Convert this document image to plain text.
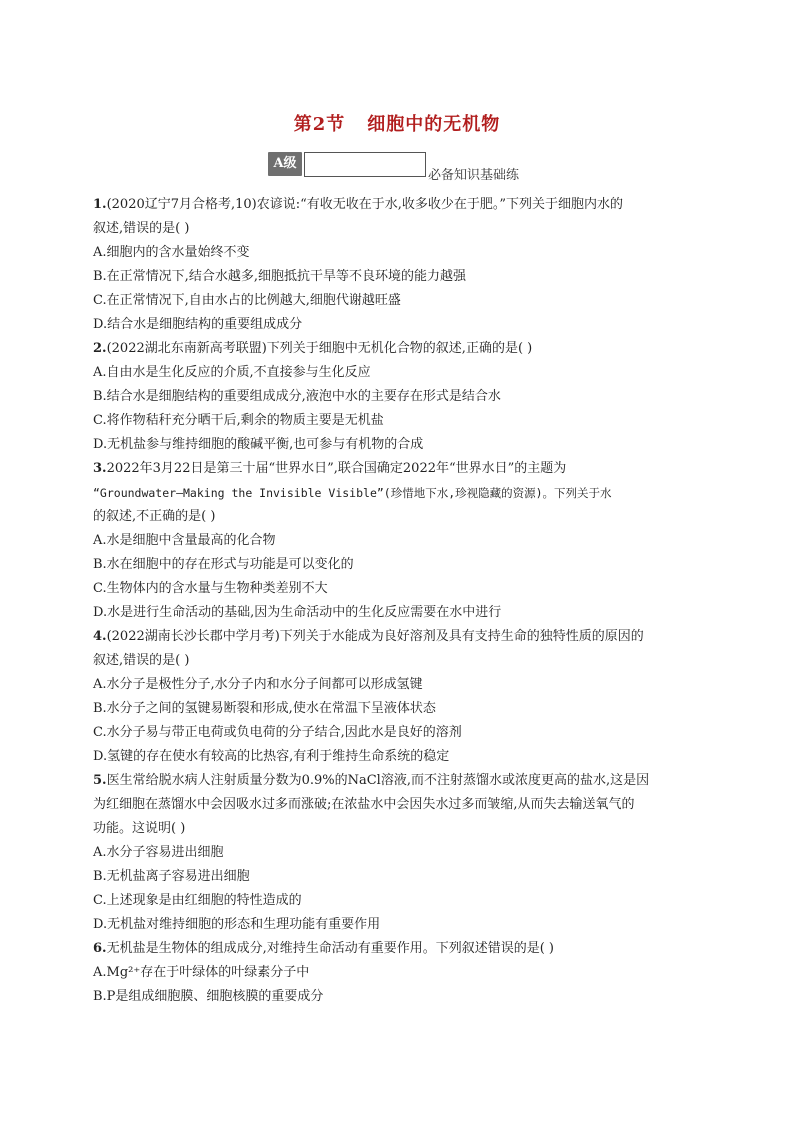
第2节 细胞中的无机物
A级
必备知识基础练
1.(2020辽宁7月合格考,10)农谚说:“有收无收在于水,收多收少在于肥。”下列关于细胞内水的
叙述,错误的是( )
A.细胞内的含水量始终不变
B.在正常情况下,结合水越多,细胞抵抗干旱等不良环境的能力越强
C.在正常情况下,自由水占的比例越大,细胞代谢越旺盛
D.结合水是细胞结构的重要组成成分
2.(2022湖北东南新高考联盟)下列关于细胞中无机化合物的叙述,正确的是( )
A.自由水是生化反应的介质,不直接参与生化反应
B.结合水是细胞结构的重要组成成分,液泡中水的主要存在形式是结合水
C.将作物秸秆充分晒干后,剩余的物质主要是无机盐
D.无机盐参与维持细胞的酸碱平衡,也可参与有机物的合成
3.2022年3月22日是第三十届“世界水日”,联合国确定2022年“世界水日”的主题为
“Groundwater—Making the Invisible Visible”(珍惜地下水,珍视隐藏的资源)。下列关于水
的叙述,不正确的是( )
A.水是细胞中含量最高的化合物
B.水在细胞中的存在形式与功能是可以变化的
C.生物体内的含水量与生物种类差别不大
D.水是进行生命活动的基础,因为生命活动中的生化反应需要在水中进行
4.(2022湖南长沙长郡中学月考)下列关于水能成为良好溶剂及具有支持生命的独特性质的原因的
叙述,错误的是( )
A.水分子是极性分子,水分子内和水分子间都可以形成氢键
B.水分子之间的氢键易断裂和形成,使水在常温下呈液体状态
C.水分子易与带正电荷或负电荷的分子结合,因此水是良好的溶剂
D.氢键的存在使水有较高的比热容,有利于维持生命系统的稳定
5.医生常给脱水病人注射质量分数为0.9%的NaCl溶液,而不注射蒸馏水或浓度更高的盐水,这是因
为红细胞在蒸馏水中会因吸水过多而涨破;在浓盐水中会因失水过多而皱缩,从而失去输送氧气的
功能。这说明( )
A.水分子容易进出细胞
B.无机盐离子容易进出细胞
C.上述现象是由红细胞的特性造成的
D.无机盐对维持细胞的形态和生理功能有重要作用
6.无机盐是生物体的组成成分,对维持生命活动有重要作用。下列叙述错误的是( )
A.Mg²⁺存在于叶绿体的叶绿素分子中
B.P是组成细胞膜、细胞核膜的重要成分
